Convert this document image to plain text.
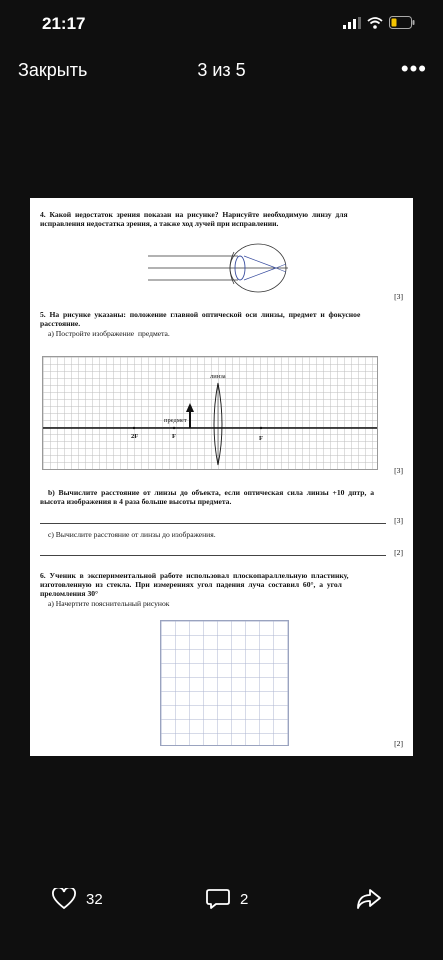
21:17
Закрыть	3 из 5	•••
4.  Какой  недостаток  зрения  показан  на  рисунке?  Нарисуйте  необходимую  линзу  для
исправления недостатка зрения, а также ход лучей при исправлении.
[3]
5.  На  рисунке  указаны:  положение  главной  оптической  оси  линзы,  предмет  и  фокусное
расстояние.
a) Постройте изображение  предмета.
линза
предмет
2F	F	F
[3]
b)  Вычислите  расстояние  от  линзы  до  объекта,  если  оптическая  сила  линзы  +10  дптр,  а
высота изображения в 4 раза больше высоты предмета.
[3]
c) Вычислите расстояние от линзы до изображения.
[2]
6.  Ученик  в  экспериментальной  работе  использовал  плоскопараллельную  пластинку,
изготовленную  из  стекла.  При  измерениях  угол  падения  луча  составил  60°,  а  угол
преломления 30°
a) Начертите пояснительный рисунок
[2]
32	2
